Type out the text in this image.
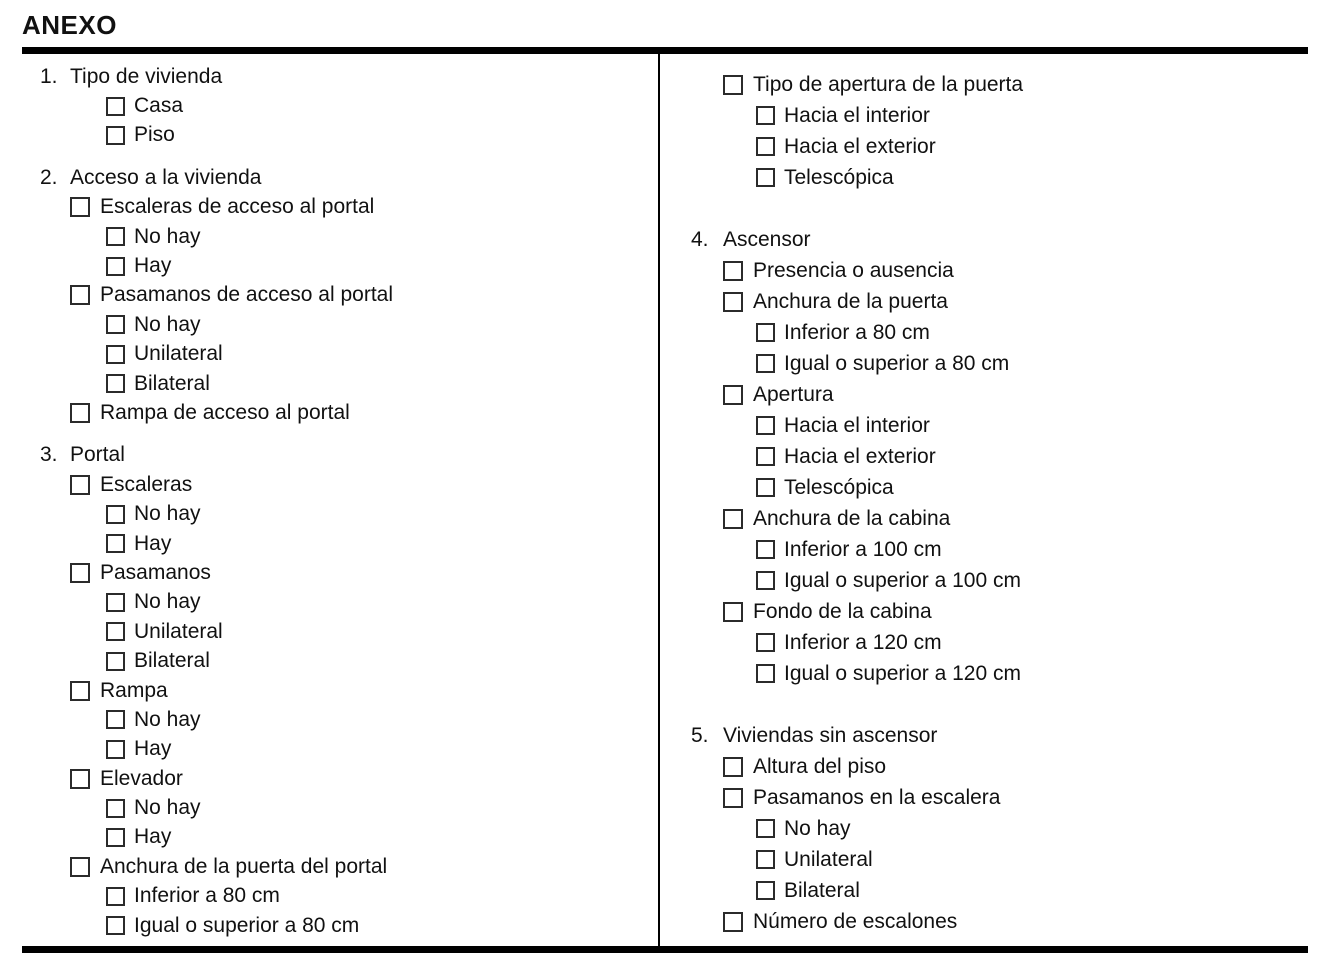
ANEXO
1. Tipo de vivienda
Casa
Piso
2. Acceso a la vivienda
Escaleras de acceso al portal
No hay
Hay
Pasamanos de acceso al portal
No hay
Unilateral
Bilateral
Rampa de acceso al portal
3. Portal
Escaleras
No hay
Hay
Pasamanos
No hay
Unilateral
Bilateral
Rampa
No hay
Hay
Elevador
No hay
Hay
Anchura de la puerta del portal
Inferior a 80 cm
Igual o superior a 80 cm
Tipo de apertura de la puerta
Hacia el interior
Hacia el exterior
Telescópica
4. Ascensor
Presencia o ausencia
Anchura de la puerta
Inferior a 80 cm
Igual o superior a 80 cm
Apertura
Hacia el interior
Hacia el exterior
Telescópica
Anchura de la cabina
Inferior a 100 cm
Igual o superior a 100 cm
Fondo de la cabina
Inferior a 120 cm
Igual o superior a 120 cm
5. Viviendas sin ascensor
Altura del piso
Pasamanos en la escalera
No hay
Unilateral
Bilateral
Número de escalones
